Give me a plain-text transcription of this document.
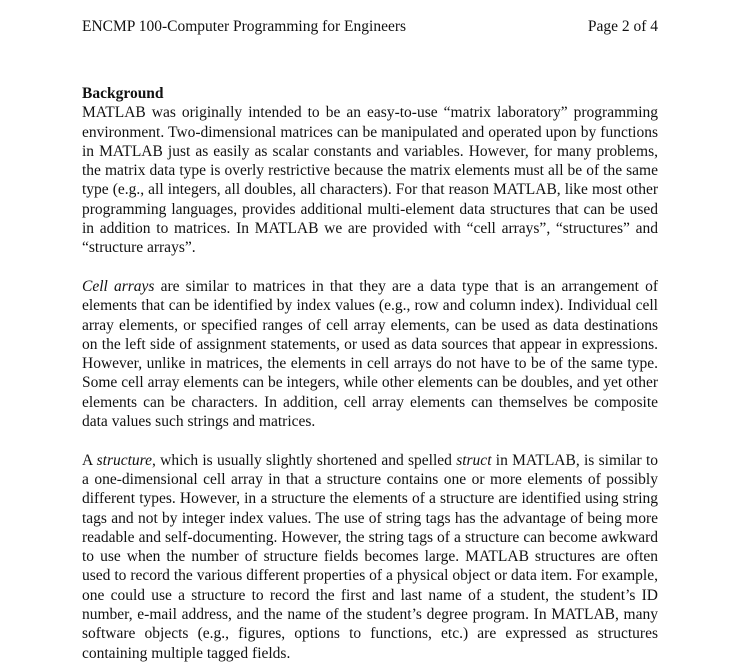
ENCMP 100-Computer Programming for Engineers	Page 2 of 4

Background

MATLAB was originally intended to be an easy-to-use “matrix laboratory” programming environment. Two-dimensional matrices can be manipulated and operated upon by functions in MATLAB just as easily as scalar constants and variables. However, for many problems, the matrix data type is overly restrictive because the matrix elements must all be of the same type (e.g., all integers, all doubles, all characters). For that reason MATLAB, like most other programming languages, provides additional multi-element data structures that can be used in addition to matrices. In MATLAB we are provided with “cell arrays”, “structures” and “structure arrays”.

Cell arrays are similar to matrices in that they are a data type that is an arrangement of elements that can be identified by index values (e.g., row and column index). Individual cell array elements, or specified ranges of cell array elements, can be used as data destinations on the left side of assignment statements, or used as data sources that appear in expressions. However, unlike in matrices, the elements in cell arrays do not have to be of the same type. Some cell array elements can be integers, while other elements can be doubles, and yet other elements can be characters. In addition, cell array elements can themselves be composite data values such strings and matrices.

A structure, which is usually slightly shortened and spelled struct in MATLAB, is similar to a one-dimensional cell array in that a structure contains one or more elements of possibly different types. However, in a structure the elements of a structure are identified using string tags and not by integer index values. The use of string tags has the advantage of being more readable and self-documenting. However, the string tags of a structure can become awkward to use when the number of structure fields becomes large. MATLAB structures are often used to record the various different properties of a physical object or data item. For example, one could use a structure to record the first and last name of a student, the student’s ID number, e-mail address, and the name of the student’s degree program. In MATLAB, many software objects (e.g., figures, options to functions, etc.) are expressed as structures containing multiple tagged fields.
